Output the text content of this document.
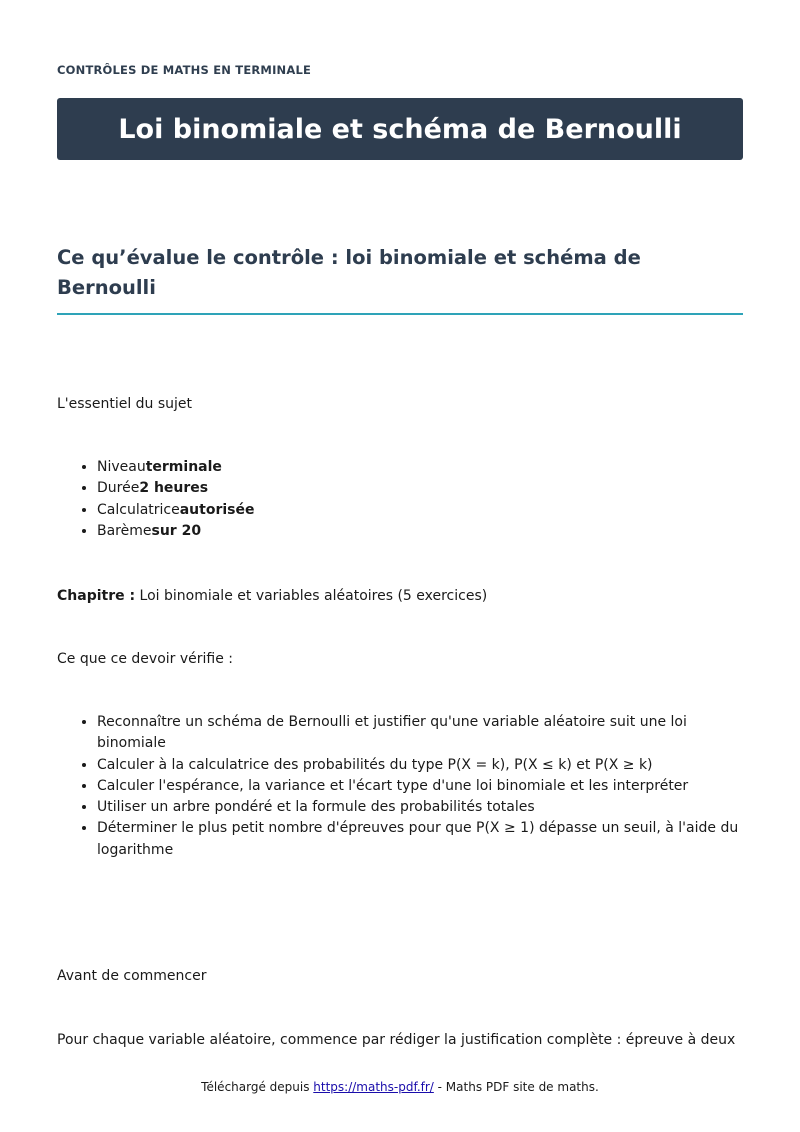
CONTRÔLES DE MATHS EN TERMINALE
Loi binomiale et schéma de Bernoulli
Ce qu’évalue le contrôle : loi binomiale et schéma de Bernoulli

L'essentiel du sujet

• Niveauterminale
• Durée2 heures
• Calculatriceautorisée
• Barèmesur 20

Chapitre : Loi binomiale et variables aléatoires (5 exercices)

Ce que ce devoir vérifie :

• Reconnaître un schéma de Bernoulli et justifier qu'une variable aléatoire suit une loi binomiale
• Calculer à la calculatrice des probabilités du type P(X = k), P(X ≤ k) et P(X ≥ k)
• Calculer l'espérance, la variance et l'écart type d'une loi binomiale et les interpréter
• Utiliser un arbre pondéré et la formule des probabilités totales
• Déterminer le plus petit nombre d'épreuves pour que P(X ≥ 1) dépasse un seuil, à l'aide du logarithme

Avant de commencer

Pour chaque variable aléatoire, commence par rédiger la justification complète : épreuve à deux

Téléchargé depuis https://maths-pdf.fr/ - Maths PDF site de maths.
